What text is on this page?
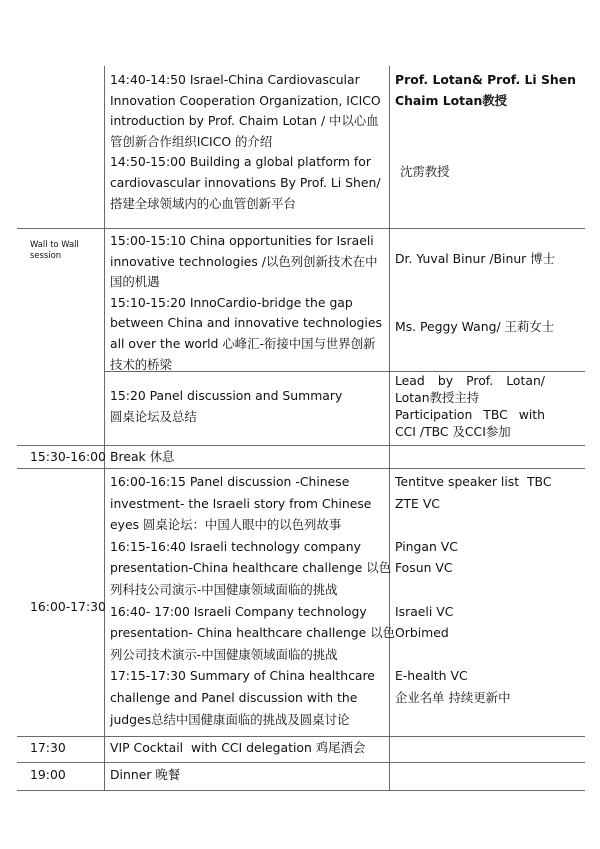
Wall to Wall
session
14:40-14:50 Israel-China Cardiovascular
Innovation Cooperation Organization, ICICO
introduction by Prof. Chaim Lotan / 中以心血
管创新合作组织ICICO 的介绍
14:50-15:00 Building a global platform for
cardiovascular innovations By Prof. Li Shen/
搭建全球领域内的心血管创新平台
Prof. Lotan& Prof. Li Shen
Chaim Lotan教授
沈雳教授
15:00-15:10 China opportunities for Israeli
innovative technologies /以色列创新技术在中
国的机遇
15:10-15:20 InnoCardio-bridge the gap
between China and innovative technologies
all over the world 心峰汇-衔接中国与世界创新
技术的桥梁
Dr. Yuval Binur /Binur 博士
Ms. Peggy Wang/ 王莉女士
15:20 Panel discussion and Summary
圆桌论坛及总结
Lead by Prof. Lotan/
Lotan教授主持
Participation TBC with
CCI /TBC 及CCI参加
15:30-16:00 Break 休息
16:00-17:30
16:00-16:15 Panel discussion -Chinese
investment- the Israeli story from Chinese
eyes 圆桌论坛：中国人眼中的以色列故事
16:15-16:40 Israeli technology company
presentation-China healthcare challenge 以色
列科技公司演示-中国健康领域面临的挑战
16:40- 17:00 Israeli Company technology
presentation- China healthcare challenge 以色
列公司技术演示-中国健康领域面临的挑战
17:15-17:30 Summary of China healthcare
challenge and Panel discussion with the
judges总结中国健康面临的挑战及圆桌讨论
Tentitve speaker list  TBC
ZTE VC

Pingan VC
Fosun VC

Israeli VC
Orbimed

E-health VC
企业名单 持续更新中
17:30	VIP Cocktail  with CCI delegation 鸡尾酒会
19:00	Dinner 晚餐
